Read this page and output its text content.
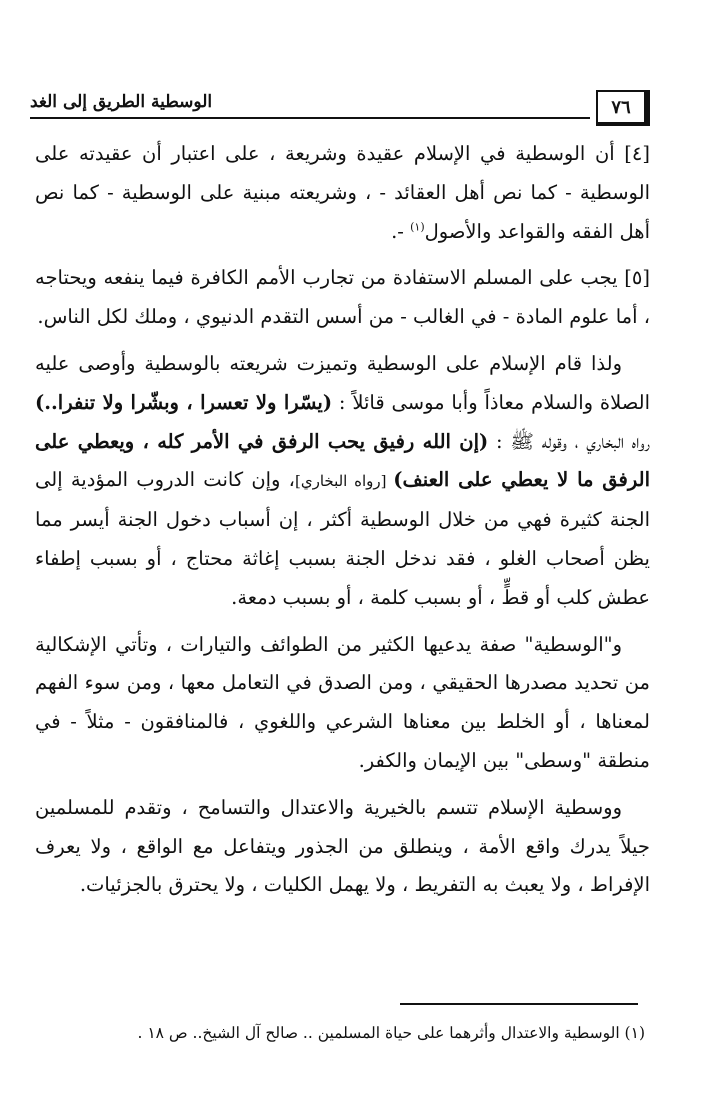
٧٦
الوسطية الطريق إلى الغد

[٤] أن الوسطية في الإسلام عقيدة وشريعة ، على اعتبار أن عقيدته على الوسطية - كما نص أهل العقائد - ، وشريعته مبنية على الوسطية - كما نص أهل الفقه والقواعد والأصول$^{(١)}$ -.

[٥] يجب على المسلم الاستفادة من تجارب الأمم الكافرة فيما ينفعه ويحتاجه ، أما علوم المادة - في الغالب - من أسس التقدم الدنيوي ، وملك لكل الناس.

ولذا قام الإسلام على الوسطية وتميزت شريعته بالوسطية وأوصى عليه الصلاة والسلام معاذاً وأبا موسى قائلاً : (يسّرا ولا تعسرا ، وبشّرا ولا تنفرا..) رواه البخاري ، وقوله ﷺ : (إن الله رفيق يحب الرفق في الأمر كله ، ويعطي على الرفق ما لا يعطي على العنف) [رواه البخاري]، وإن كانت الدروب المؤدية إلى الجنة كثيرة فهي من خلال الوسطية أكثر ، إن أسباب دخول الجنة أيسر مما يظن أصحاب الغلو ، فقد ندخل الجنة بسبب إغاثة محتاج ، أو بسبب إطفاء عطش كلب أو قطٍّ ، أو بسبب كلمة ، أو بسبب دمعة.

و"الوسطية" صفة يدعيها الكثير من الطوائف والتيارات ، وتأتي الإشكالية من تحديد مصدرها الحقيقي ، ومن الصدق في التعامل معها ، ومن سوء الفهم لمعناها ، أو الخلط بين معناها الشرعي واللغوي ، فالمنافقون - مثلاً - في منطقة "وسطى" بين الإيمان والكفر.

ووسطية الإسلام تتسم بالخيرية والاعتدال والتسامح ، وتقدم للمسلمين جيلاً يدرك واقع الأمة ، وينطلق من الجذور ويتفاعل مع الواقع ، ولا يعرف الإفراط ، ولا يعبث به التفريط ، ولا يهمل الكليات ، ولا يحترق بالجزئيات.

(١) الوسطية والاعتدال وأثرهما على حياة المسلمين .. صالح آل الشيخ.. ص ١٨ .
